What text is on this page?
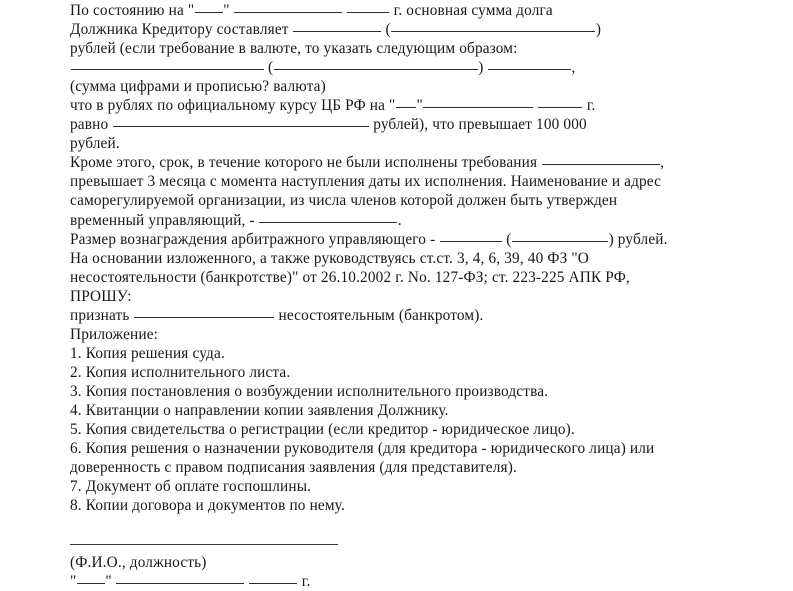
По состоянию на " "	г. основная сумма долга
Должника Кредитору составляет	(	)
рублей (если требование в валюте, то указать следующим образом:
(	)	,
(сумма цифрами и прописью? валюта)
что в рублях по официальному курсу ЦБ РФ на " "	г.
равно	рублей), что превышает 100 000
рублей.
Кроме этого, срок, в течение которого не были исполнены требования	,
превышает 3 месяца с момента наступления даты их исполнения. Наименование и адрес
саморегулируемой организации, из числа членов которой должен быть утвержден
временный управляющий, -	.
Размер вознаграждения арбитражного управляющего -	(	) рублей.
На основании изложенного, а также руководствуясь ст.ст. 3, 4, 6, 39, 40 ФЗ "О
несостоятельности (банкротстве)" от 26.10.2002 г. No. 127-ФЗ; ст. 223-225 АПК РФ,
ПРОШУ:
признать	несостоятельным (банкротом).
Приложение:
1. Копия решения суда.
2. Копия исполнительного листа.
3. Копия постановления о возбуждении исполнительного производства.
4. Квитанции о направлении копии заявления Должнику.
5. Копия свидетельства о регистрации (если кредитор - юридическое лицо).
6. Копия решения о назначении руководителя (для кредитора - юридического лица) или
доверенность с правом подписания заявления (для представителя).
7. Документ об оплате госпошлины.
8. Копии договора и документов по нему.

(Ф.И.О., должность)
" "	г.
